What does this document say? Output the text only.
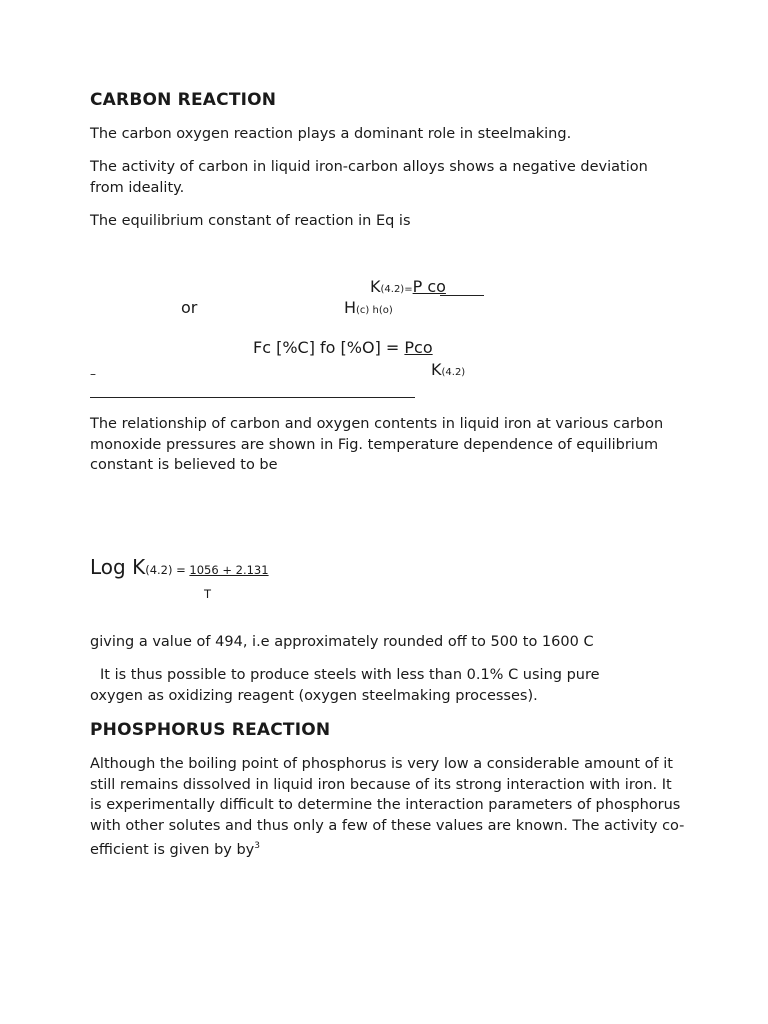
CARBON REACTION
The carbon oxygen reaction plays a dominant role in steelmaking.
The activity of carbon in liquid iron-carbon alloys shows a negative deviation from ideality.
The equilibrium constant of reaction in Eq is
K(4.2)=P co
or	H(c) h(o)
Fc [%C] fo [%O] = Pco
–	K(4.2)
The relationship of carbon and oxygen contents in liquid iron at various carbon monoxide pressures are shown in Fig. temperature dependence of equilibrium constant is believed to be
Log K(4.2) = 1056 + 2.131
T
giving a value of 494, i.e approximately rounded off to 500 to 1600 C
It is thus possible to produce steels with less than 0.1% C using pure oxygen as oxidizing reagent (oxygen steelmaking processes).
PHOSPHORUS REACTION
Although the boiling point of phosphorus is very low a considerable amount of it still remains dissolved in liquid iron because of its strong interaction with iron. It is experimentally difficult to determine the interaction parameters of phosphorus with other solutes and thus only a few of these values are known. The activity co-efficient is given by $by^3$
